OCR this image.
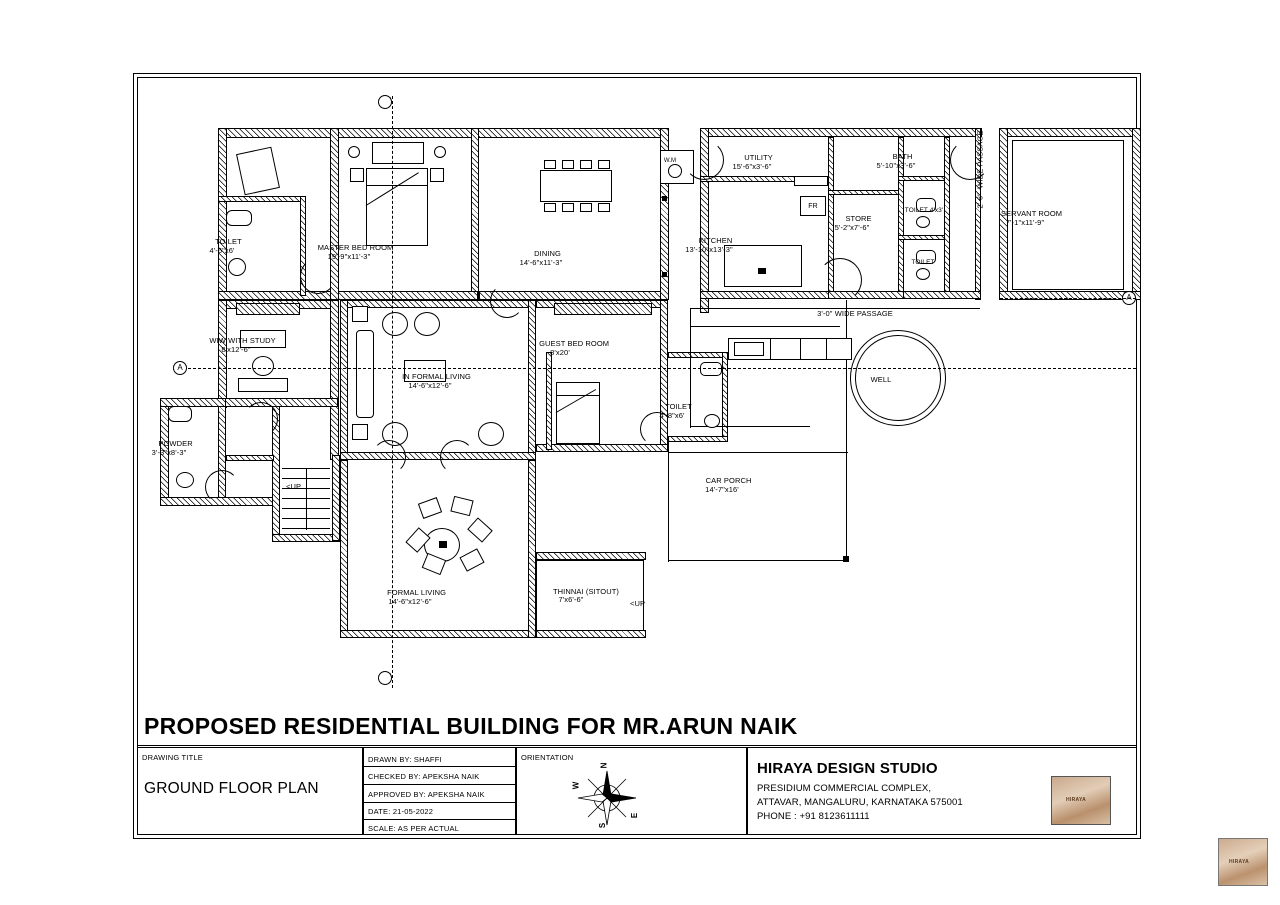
A
A

TOILET
4'-6"x6'
	MASTER BED ROOM
19'-9"x11'-3"
	DINING
14'-6"x11'-3"

KITCHEN
13'-10"x13'-3"

UTILITY
15'-6"x3'-6"

BATH
5'-10"x3'-6"

STORE
5'-2"x7'-6"

SERVANT ROOM
7'-1"x11'-9"

WIW WITH STUDY
8'x12'-6"

IN FORMAL LIVING
14'-6"x12'-6"

GUEST BED ROOM
8'x20'

TOILET
4'-8"x6'

POWDER
3'-3"x8'-3"

CAR PORCH
14'-7"x16'

FORMAL LIVING
14'-6"x12'-6"

THINNAI (SITOUT)
7'x6'-6"

WELL
3'-0" WIDE PASSAGE
2'-6"  WIDE PASSAGE
TOILET 4'x3'
TOILET
FR
W.M
<UP
<UP
PROPOSED RESIDENTIAL BUILDING FOR MR.ARUN NAIK
DRAWING TITLE
GROUND FLOOR PLAN
ORIENTATION
DRAWN BY: SHAFFI
CHECKED BY: APEKSHA NAIK
APPROVED BY: APEKSHA NAIK
DATE: 21-05-2022
SCALE: AS PER ACTUAL
N
S
E
W
HIRAYA DESIGN STUDIO
PRESIDIUM COMMERCIAL COMPLEX,
ATTAVAR, MANGALURU, KARNATAKA 575001
PHONE : +91 8123611111
HIRAYA
HIRAYA
